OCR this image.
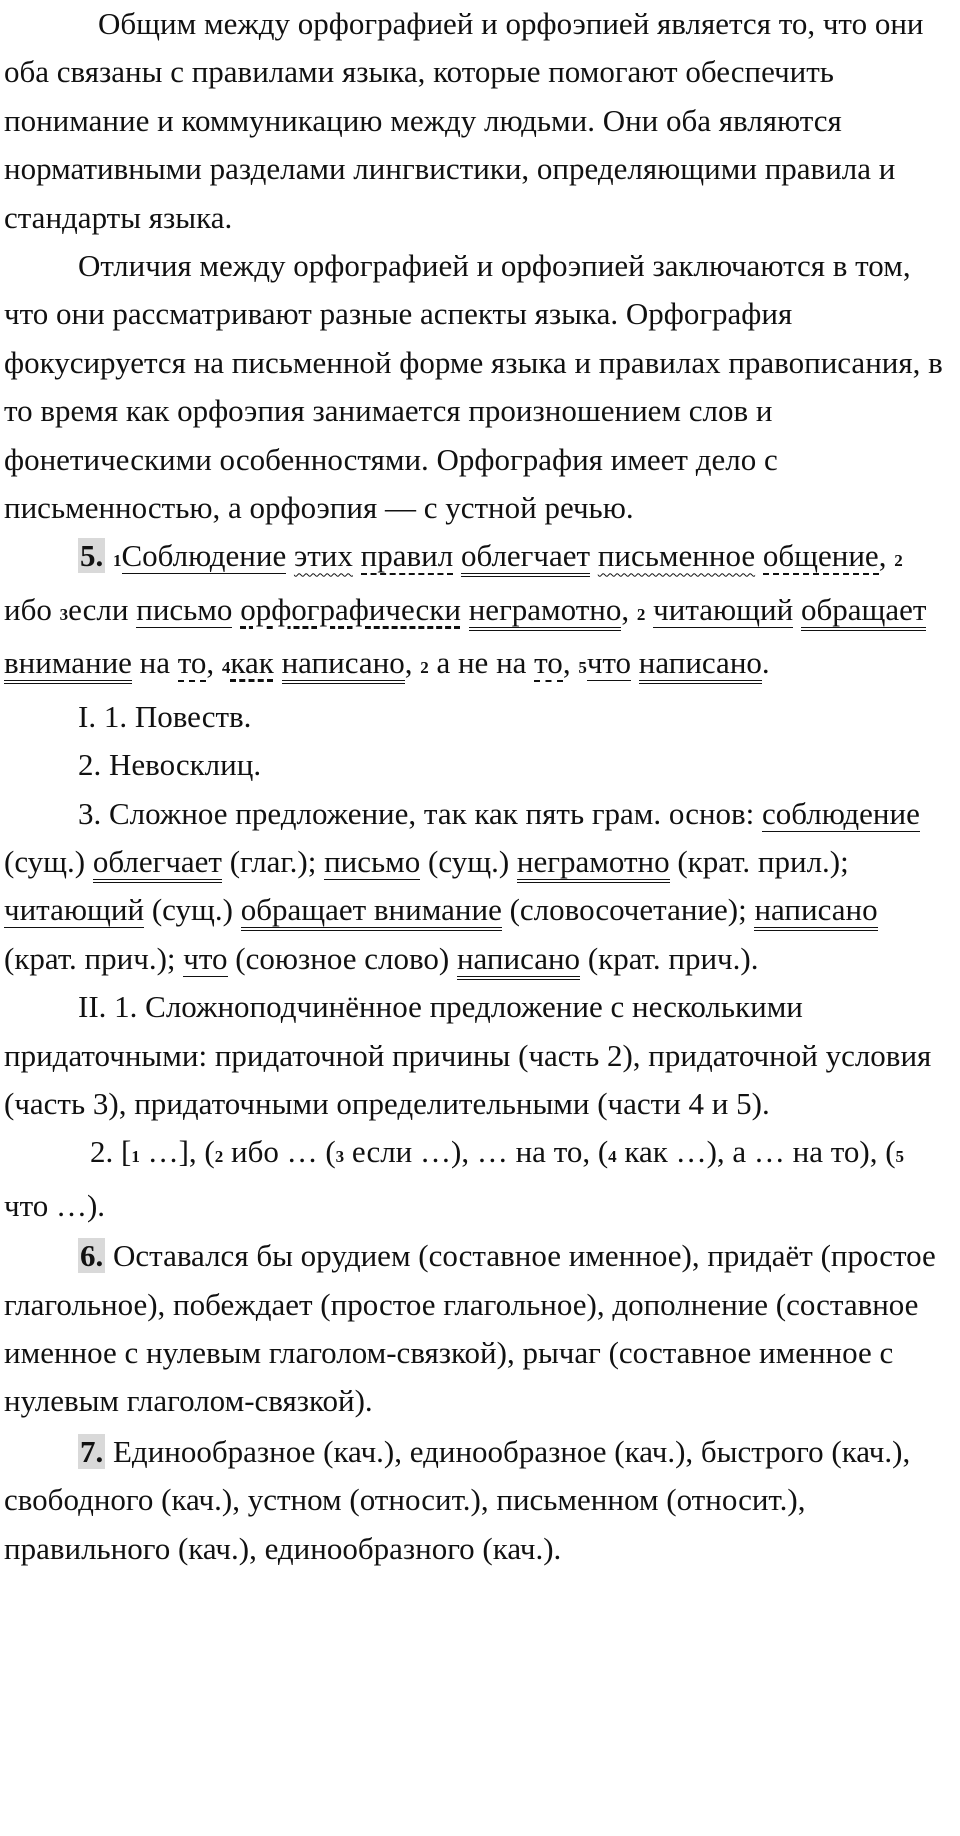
Общим между орфографией и орфоэпией является то, что они оба связаны с правилами языка, которые помогают обеспечить понимание и коммуникацию между людьми. Они оба являются нормативными разделами лингвистики, определяющими правила и стандарты языка.

Отличия между орфографией и орфоэпией заключаются в том, что они рассматривают разные аспекты языка. Орфография фокусируется на письменной форме языка и правилах правописания, в то время как орфоэпия занимается произношением слов и фонетическими особенностями. Орфография имеет дело с письменностью, а орфоэпия — с устной речью.

5. 1Соблюдение этих правил облегчает письменное общение, 2 ибо 3если письмо орфографически неграмотно, 2 читающий обращает внимание на то, 4как написано, 2 а не на то, 5что написано.

I. 1. Повеств.

2. Невосклиц.

3. Сложное предложение, так как пять грам. основ: соблюдение (сущ.) облегчает (глаг.); письмо (сущ.) неграмотно (крат. прил.); читающий (сущ.) обращает внимание (словосочетание); написано (крат. прич.); что (союзное слово) написано (крат. прич.).

II. 1. Сложноподчинённое предложение с несколькими придаточными: придаточной причины (часть 2), придаточной условия (часть 3), придаточными определительными (части 4 и 5).

2. [1 …], (2 ибо … (3 если …), … на то, (4 как …), а … на то), (5 что …).

6. Оставался бы орудием (составное именное), придаёт (простое глагольное), побеждает (простое глагольное), дополнение (составное именное с нулевым глаголом-связкой), рычаг (составное именное с нулевым глаголом-связкой).

7. Единообразное (кач.), единообразное (кач.), быстрого (кач.), свободного (кач.), устном (относит.), письменном (относит.), правильного (кач.), единообразного (кач.).
